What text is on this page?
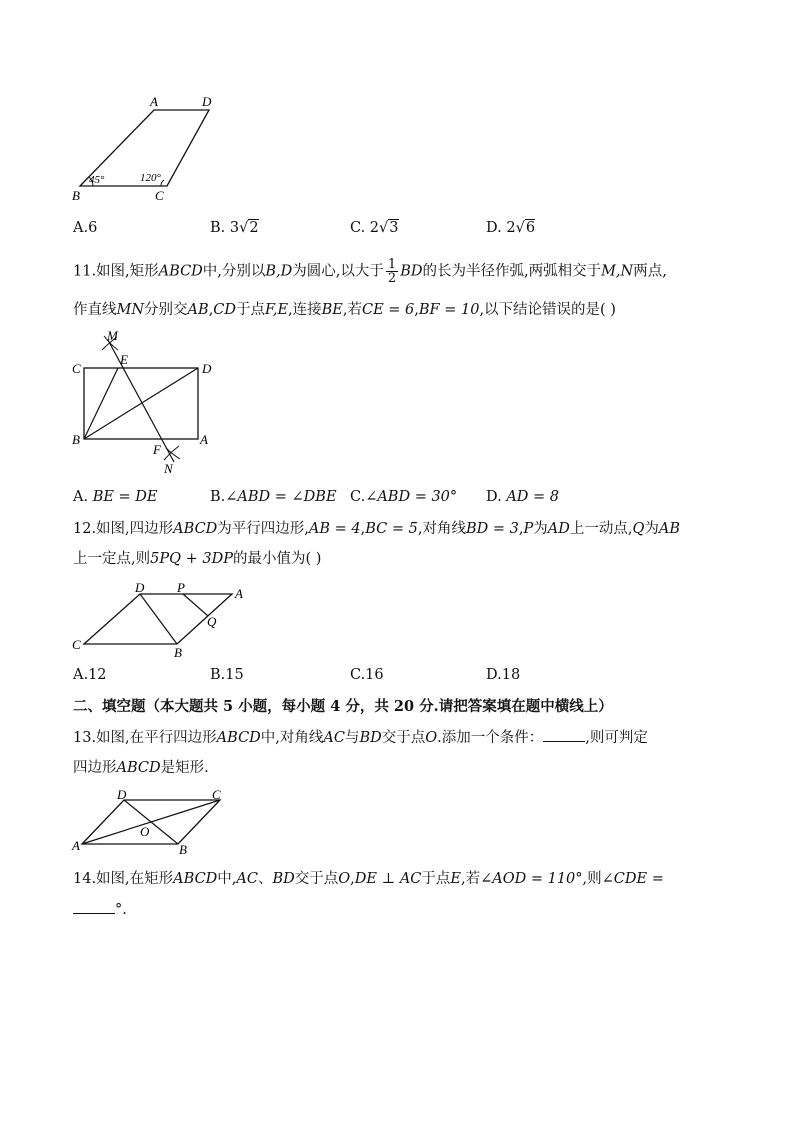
A	D
B	C
45°	120°
A.6	B. 3√2	C. 2√3	D. 2√6
11.如图,矩形ABCD中,分别以B,D为圆心,以大于 $\frac{1}{2}$ BD的长为半径作弧,两弧相交于M,N两点,
作直线MN分别交AB,CD于点F,E,连接BE,若CE = 6,BF = 10,以下结论错误的是( )
M
E
C	D
B	A
F
N
A. BE = DE	B.∠ABD = ∠DBE C.∠ABD = 30° D. AD = 8
12.如图,四边形ABCD为平行四边形,AB = 4,BC = 5,对角线BD = 3,P为AD上一动点,Q为AB
上一定点,则5PQ + 3DP的最小值为( )
D	P	A
Q
C
B
A.12	B.15	C.16	D.18
二、填空题（本大题共 5 小题，每小题 4 分，共 20 分.请把答案填在题中横线上）
13.如图,在平行四边形ABCD中,对角线AC与BD交于点O.添加一个条件：	,则可判定
四边形ABCD是矩形.
D	C
O
A	B
14.如图,在矩形ABCD中,AC、BD交于点O,DE ⊥ AC于点E,若∠AOD = 110°,则∠CDE =
°.
